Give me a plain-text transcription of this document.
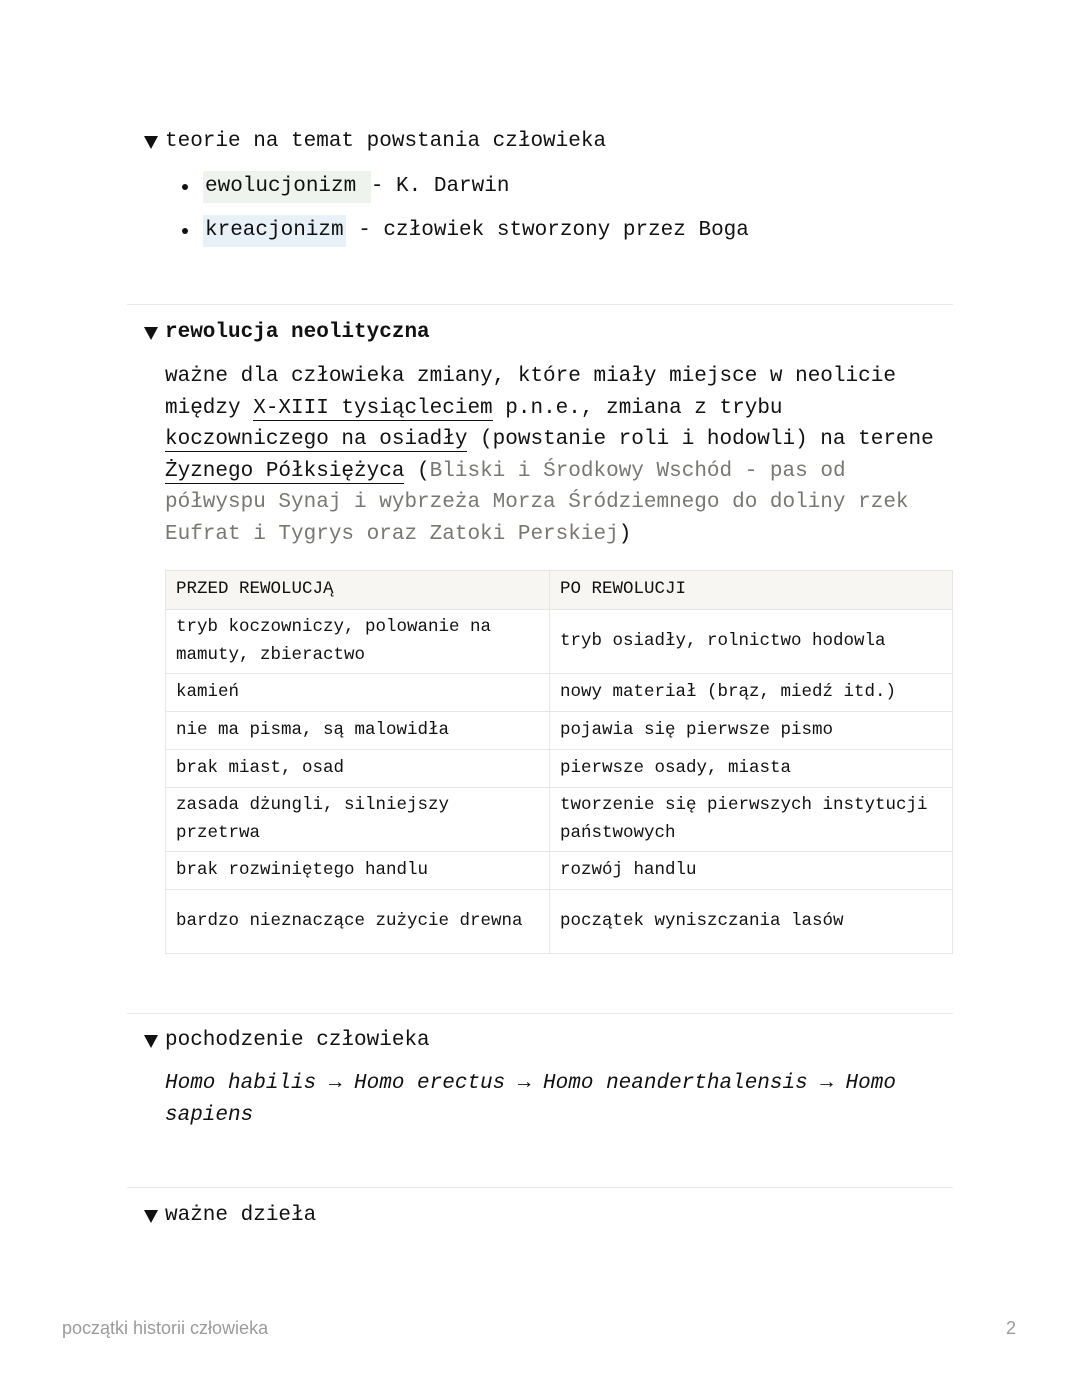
teorie na temat powstania człowieka
ewolucjonizm - K. Darwin
kreacjonizm - człowiek stworzony przez Boga
rewolucja neolityczna
ważne dla człowieka zmiany, które miały miejsce w neolicie
między X-XIII tysiącleciem p.n.e., zmiana z trybu
koczowniczego na osiadły (powstanie roli i hodowli) na terene
Żyznego Półksiężyca (Bliski i Środkowy Wschód - pas od
półwyspu Synaj i wybrzeża Morza Śródziemnego do doliny rzek
Eufrat i Tygrys oraz Zatoki Perskiej)
PRZED REWOLUCJĄ	PO REWOLUCJI
tryb koczowniczy, polowanie na mamuty, zbieractwo	tryb osiadły, rolnictwo hodowla
kamień	nowy materiał (brąz, miedź itd.)
nie ma pisma, są malowidła	pojawia się pierwsze pismo
brak miast, osad	pierwsze osady, miasta
zasada dżungli, silniejszy przetrwa	tworzenie się pierwszych instytucji państwowych
brak rozwiniętego handlu	rozwój handlu
bardzo nieznaczące zużycie drewna	początek wyniszczania lasów
pochodzenie człowieka
Homo habilis → Homo erectus → Homo neanderthalensis → Homo
sapiens
ważne dzieła
początki historii człowieka	2
